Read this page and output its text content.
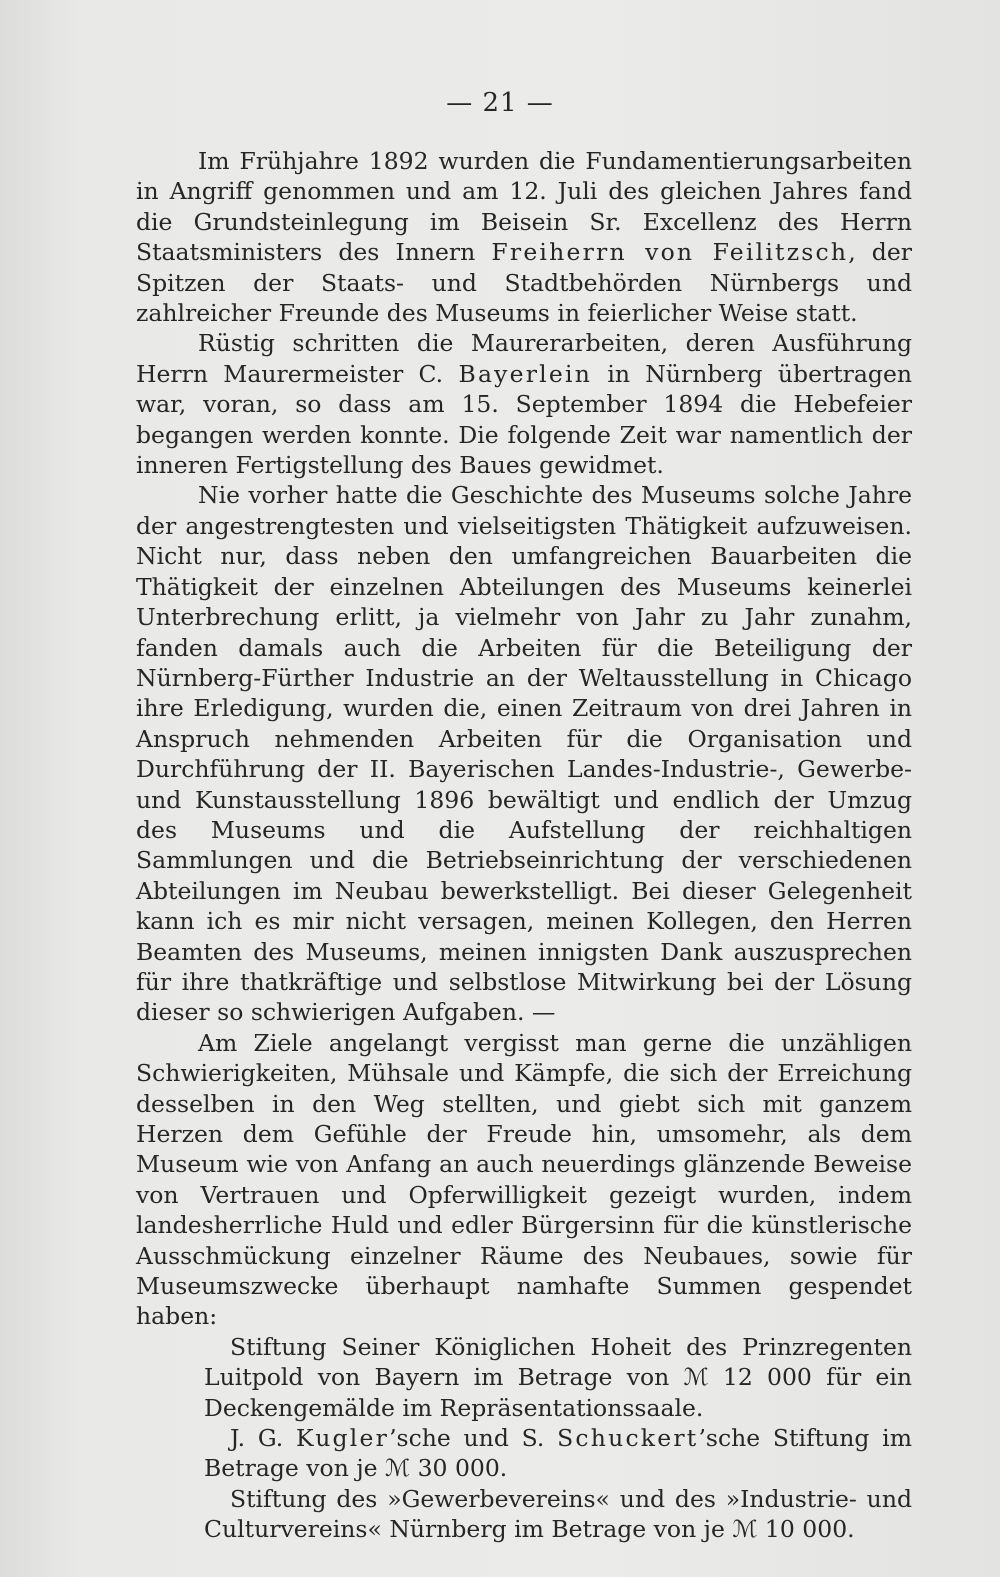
— 21 —

Im Frühjahre 1892 wurden die Fundamentierungsarbeiten in Angriff genommen und am 12. Juli des gleichen Jahres fand die Grundsteinlegung im Beisein Sr. Excellenz des Herrn Staatsministers des Innern Freiherrn von Feilitzsch, der Spitzen der Staats- und Stadtbehörden Nürnbergs und zahlreicher Freunde des Museums in feierlicher Weise statt.

Rüstig schritten die Maurerarbeiten, deren Ausführung Herrn Maurermeister C. Bayerlein in Nürnberg übertragen war, voran, so dass am 15. September 1894 die Hebefeier begangen werden konnte. Die folgende Zeit war namentlich der inneren Fertigstellung des Baues gewidmet.

Nie vorher hatte die Geschichte des Museums solche Jahre der angestrengtesten und vielseitigsten Thätigkeit aufzuweisen. Nicht nur, dass neben den umfangreichen Bauarbeiten die Thätigkeit der einzelnen Abteilungen des Museums keinerlei Unterbrechung erlitt, ja vielmehr von Jahr zu Jahr zunahm, fanden damals auch die Arbeiten für die Beteiligung der Nürnberg-Fürther Industrie an der Weltausstellung in Chicago ihre Erledigung, wurden die, einen Zeitraum von drei Jahren in Anspruch nehmenden Arbeiten für die Organisation und Durchführung der II. Bayerischen Landes-Industrie-, Gewerbe- und Kunstausstellung 1896 bewältigt und endlich der Umzug des Museums und die Aufstellung der reichhaltigen Sammlungen und die Betriebseinrichtung der verschiedenen Abteilungen im Neubau bewerkstelligt. Bei dieser Gelegenheit kann ich es mir nicht versagen, meinen Kollegen, den Herren Beamten des Museums, meinen innigsten Dank auszusprechen für ihre thatkräftige und selbstlose Mitwirkung bei der Lösung dieser so schwierigen Aufgaben. —

Am Ziele angelangt vergisst man gerne die unzähligen Schwierigkeiten, Mühsale und Kämpfe, die sich der Erreichung desselben in den Weg stellten, und giebt sich mit ganzem Herzen dem Gefühle der Freude hin, umsomehr, als dem Museum wie von Anfang an auch neuerdings glänzende Beweise von Vertrauen und Opferwilligkeit gezeigt wurden, indem landesherrliche Huld und edler Bürgersinn für die künstlerische Ausschmückung einzelner Räume des Neubaues, sowie für Museumszwecke überhaupt namhafte Summen gespendet haben:

Stiftung Seiner Königlichen Hoheit des Prinzregenten Luitpold von Bayern im Betrage von ℳ 12 000 für ein Deckengemälde im Repräsentationssaale.

J. G. Kugler’sche und S. Schuckert’sche Stiftung im Betrage von je ℳ 30 000.

Stiftung des »Gewerbevereins« und des »Industrie- und Culturvereins« Nürnberg im Betrage von je ℳ 10 000.
